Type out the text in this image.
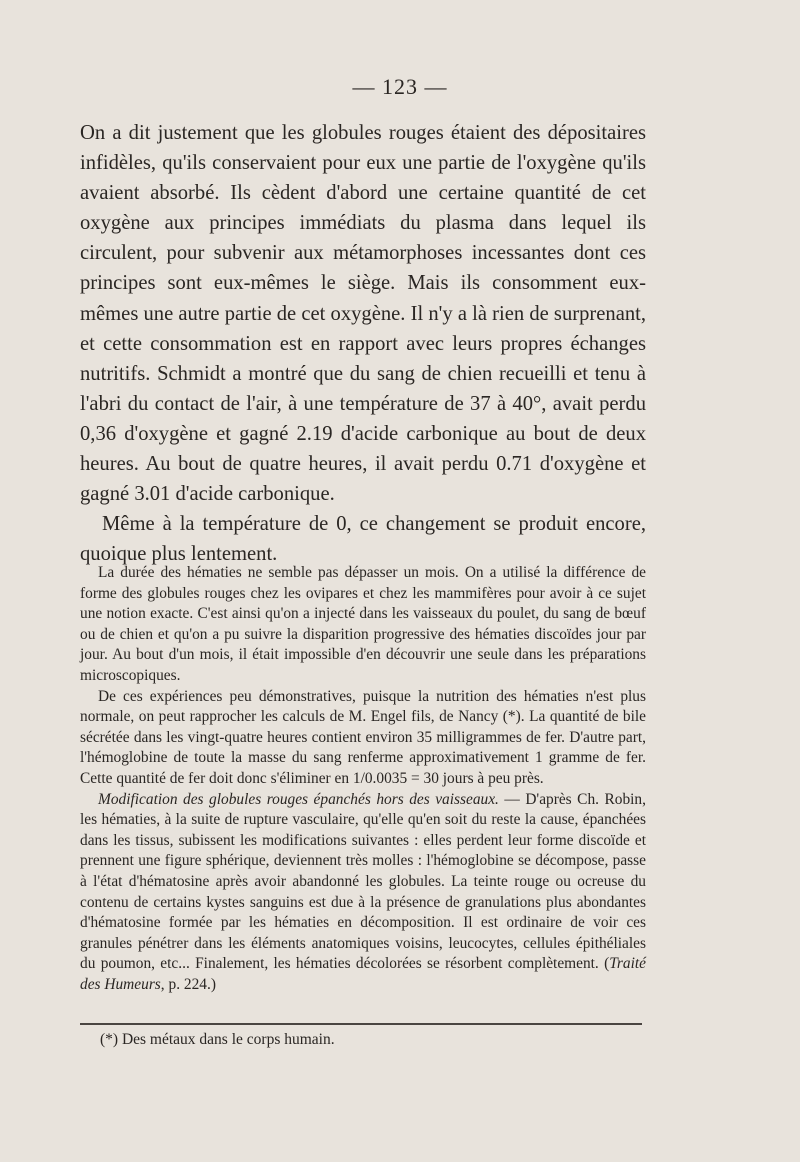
— 123 —

On a dit justement que les globules rouges étaient des dépositaires infidèles, qu'ils conservaient pour eux une partie de l'oxygène qu'ils avaient absorbé. Ils cèdent d'abord une certaine quantité de cet oxygène aux principes immédiats du plasma dans lequel ils circulent, pour subvenir aux métamorphoses incessantes dont ces principes sont eux-mêmes le siège. Mais ils consomment eux-mêmes une autre partie de cet oxygène. Il n'y a là rien de surprenant, et cette consommation est en rapport avec leurs propres échanges nutritifs. Schmidt a montré que du sang de chien recueilli et tenu à l'abri du contact de l'air, à une température de 37 à 40°, avait perdu 0,36 d'oxygène et gagné 2.19 d'acide carbonique au bout de deux heures. Au bout de quatre heures, il avait perdu 0.71 d'oxygène et gagné 3.01 d'acide carbonique.

Même à la température de 0, ce changement se produit encore, quoique plus lentement.

La durée des hématies ne semble pas dépasser un mois. On a utilisé la différence de forme des globules rouges chez les ovipares et chez les mammifères pour avoir à ce sujet une notion exacte. C'est ainsi qu'on a injecté dans les vaisseaux du poulet, du sang de bœuf ou de chien et qu'on a pu suivre la disparition progressive des hématies discoïdes jour par jour. Au bout d'un mois, il était impossible d'en découvrir une seule dans les préparations microscopiques.

De ces expériences peu démonstratives, puisque la nutrition des hématies n'est plus normale, on peut rapprocher les calculs de M. Engel fils, de Nancy (*). La quantité de bile sécrétée dans les vingt-quatre heures contient environ 35 milligrammes de fer. D'autre part, l'hémoglobine de toute la masse du sang renferme approximativement 1 gramme de fer. Cette quantité de fer doit donc s'éliminer en 1/0.0035 = 30 jours à peu près.

Modification des globules rouges épanchés hors des vaisseaux. — D'après Ch. Robin, les hématies, à la suite de rupture vasculaire, qu'elle qu'en soit du reste la cause, épanchées dans les tissus, subissent les modifications suivantes : elles perdent leur forme discoïde et prennent une figure sphérique, deviennent très molles : l'hémoglobine se décompose, passe à l'état d'hématosine après avoir abandonné les globules. La teinte rouge ou ocreuse du contenu de certains kystes sanguins est due à la présence de granulations plus abondantes d'hématosine formée par les hématies en décomposition. Il est ordinaire de voir ces granules pénétrer dans les éléments anatomiques voisins, leucocytes, cellules épithéliales du poumon, etc... Finalement, les hématies décolorées se résorbent complètement. (Traité des Humeurs, p. 224.)

(*) Des métaux dans le corps humain.
